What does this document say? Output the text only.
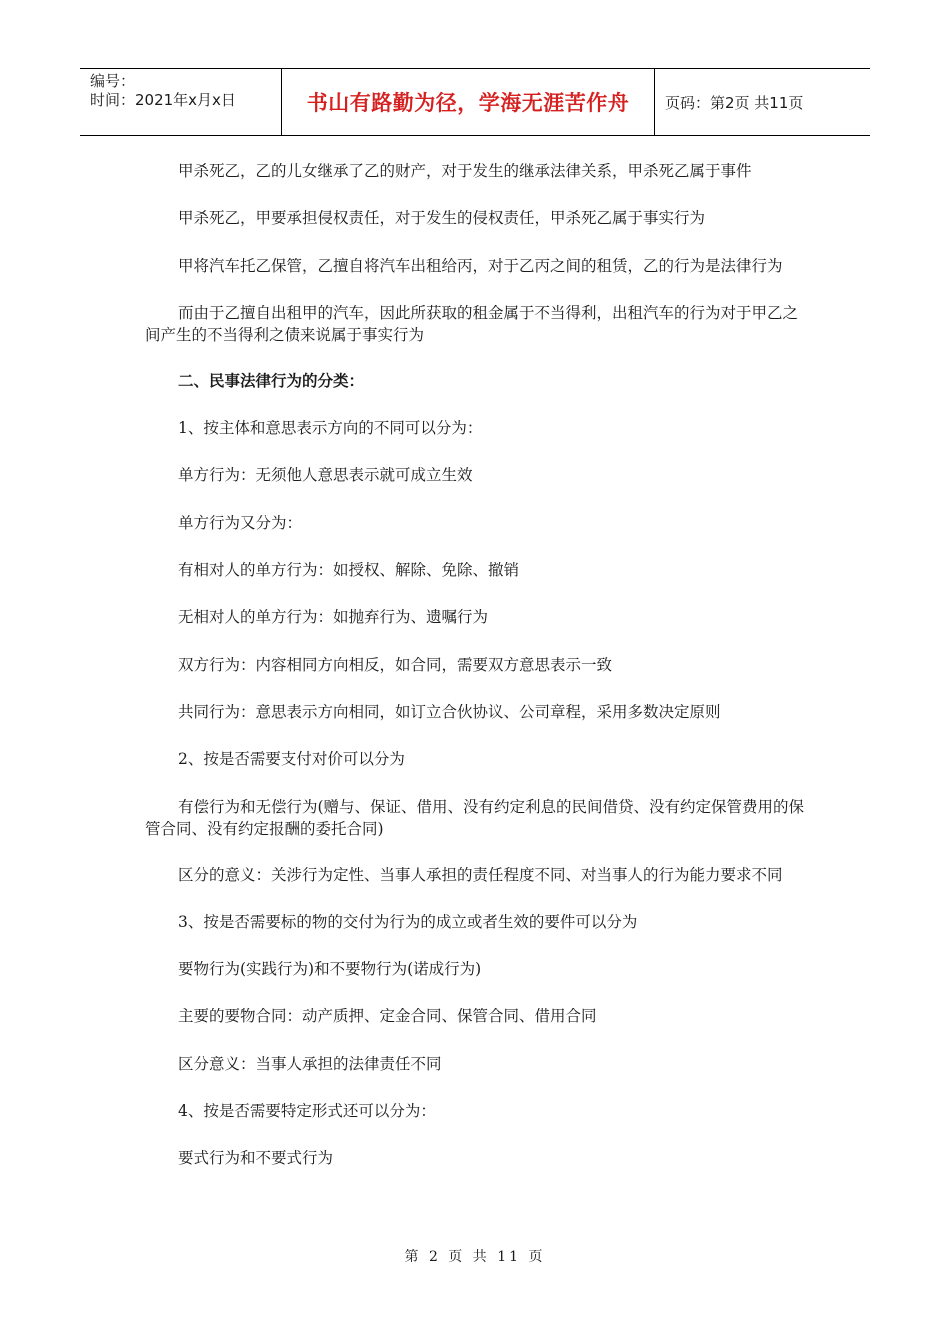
编号：
时间：2021年x月x日	书山有路勤为径，学海无涯苦作舟 页码：第2页 共11页

甲杀死乙，乙的儿女继承了乙的财产，对于发生的继承法律关系，甲杀死乙属于事件

甲杀死乙，甲要承担侵权责任，对于发生的侵权责任，甲杀死乙属于事实行为

甲将汽车托乙保管，乙擅自将汽车出租给丙，对于乙丙之间的租赁，乙的行为是法律行为

而由于乙擅自出租甲的汽车，因此所获取的租金属于不当得利，出租汽车的行为对于甲乙之间产生的不当得利之债来说属于事实行为

二、民事法律行为的分类：

1、按主体和意思表示方向的不同可以分为：

单方行为：无须他人意思表示就可成立生效

单方行为又分为：

有相对人的单方行为：如授权、解除、免除、撤销

无相对人的单方行为：如抛弃行为、遗嘱行为

双方行为：内容相同方向相反，如合同，需要双方意思表示一致

共同行为：意思表示方向相同，如订立合伙协议、公司章程，采用多数决定原则

2、按是否需要支付对价可以分为

有偿行为和无偿行为(赠与、保证、借用、没有约定利息的民间借贷、没有约定保管费用的保管合同、没有约定报酬的委托合同)

区分的意义：关涉行为定性、当事人承担的责任程度不同、对当事人的行为能力要求不同

3、按是否需要标的物的交付为行为的成立或者生效的要件可以分为

要物行为(实践行为)和不要物行为(诺成行为)

主要的要物合同：动产质押、定金合同、保管合同、借用合同

区分意义：当事人承担的法律责任不同

4、按是否需要特定形式还可以分为：

要式行为和不要式行为

第 2 页 共 11 页
